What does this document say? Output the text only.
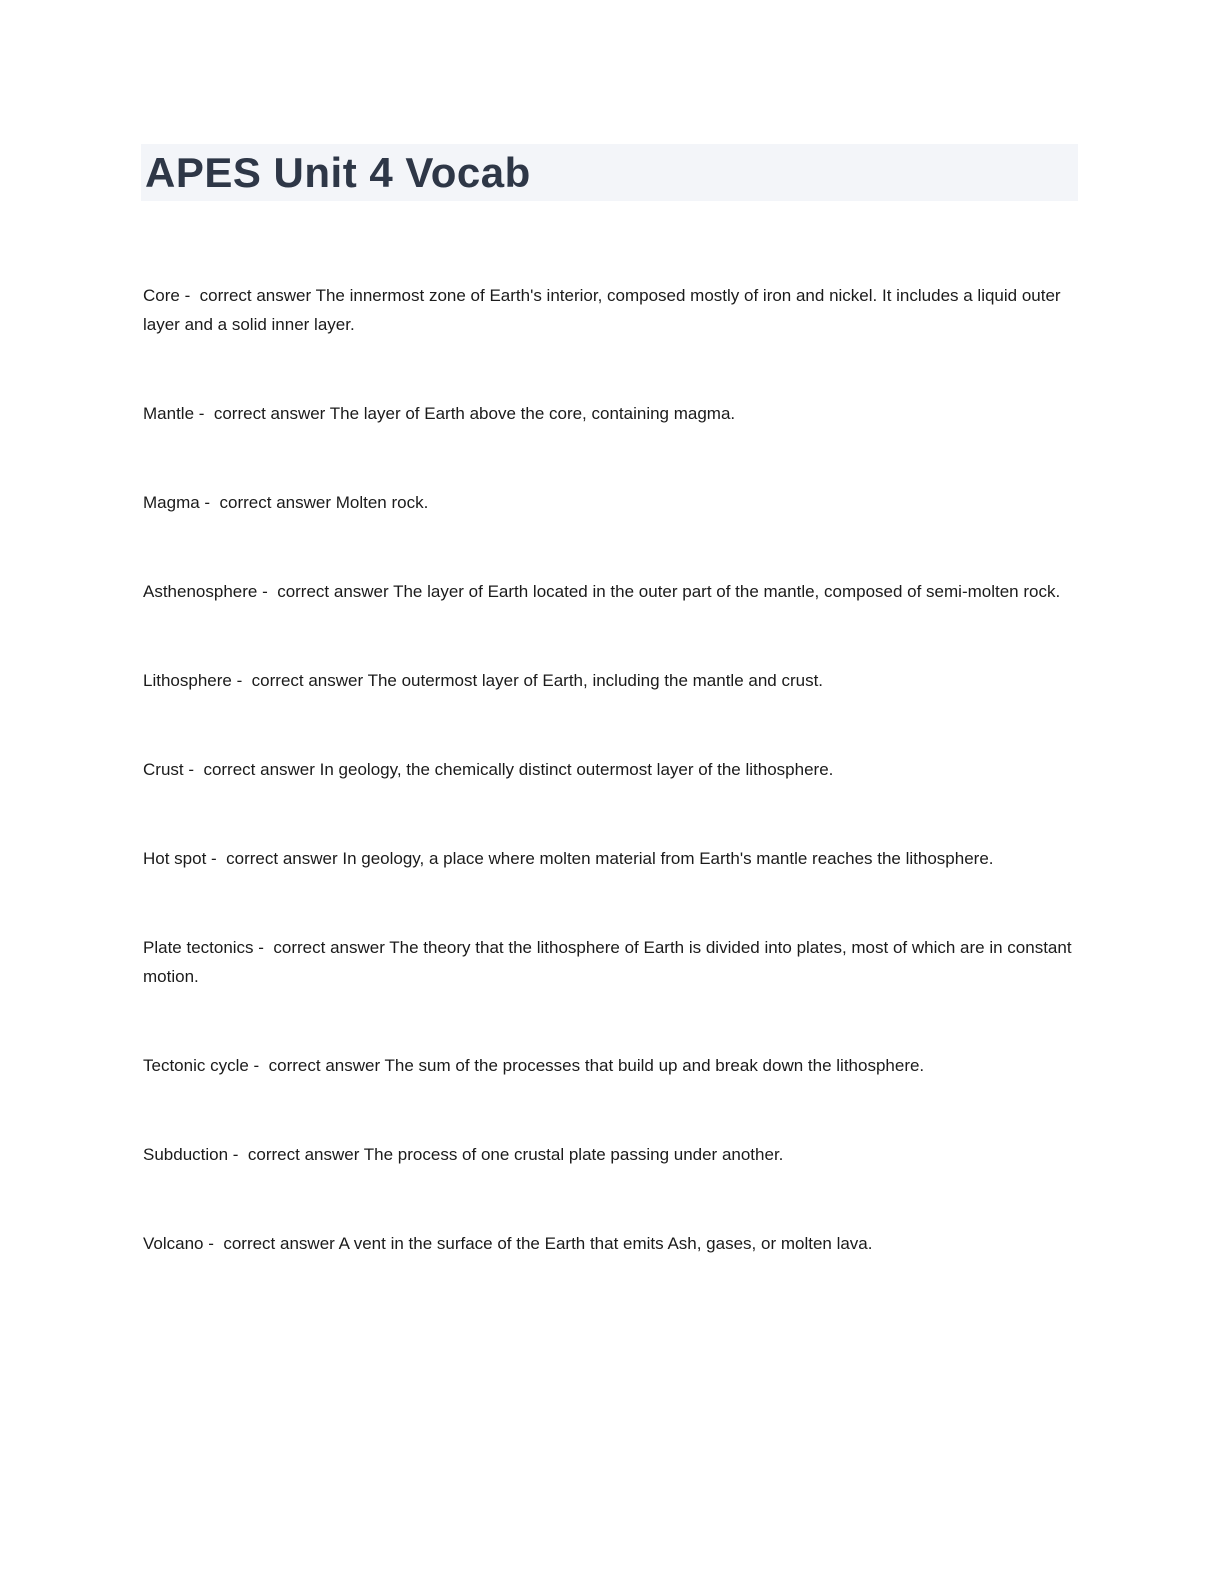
APES Unit 4 Vocab

Core -  correct answer The innermost zone of Earth's interior, composed mostly of iron and nickel. It includes a liquid outer layer and a solid inner layer.

Mantle -  correct answer The layer of Earth above the core, containing magma.

Magma -  correct answer Molten rock.

Asthenosphere -  correct answer The layer of Earth located in the outer part of the mantle, composed of semi-molten rock.

Lithosphere -  correct answer The outermost layer of Earth, including the mantle and crust.

Crust -  correct answer In geology, the chemically distinct outermost layer of the lithosphere.

Hot spot -  correct answer In geology, a place where molten material from Earth's mantle reaches the lithosphere.

Plate tectonics -  correct answer The theory that the lithosphere of Earth is divided into plates, most of which are in constant motion.

Tectonic cycle -  correct answer The sum of the processes that build up and break down the lithosphere.

Subduction -  correct answer The process of one crustal plate passing under another.

Volcano -  correct answer A vent in the surface of the Earth that emits Ash, gases, or molten lava.
